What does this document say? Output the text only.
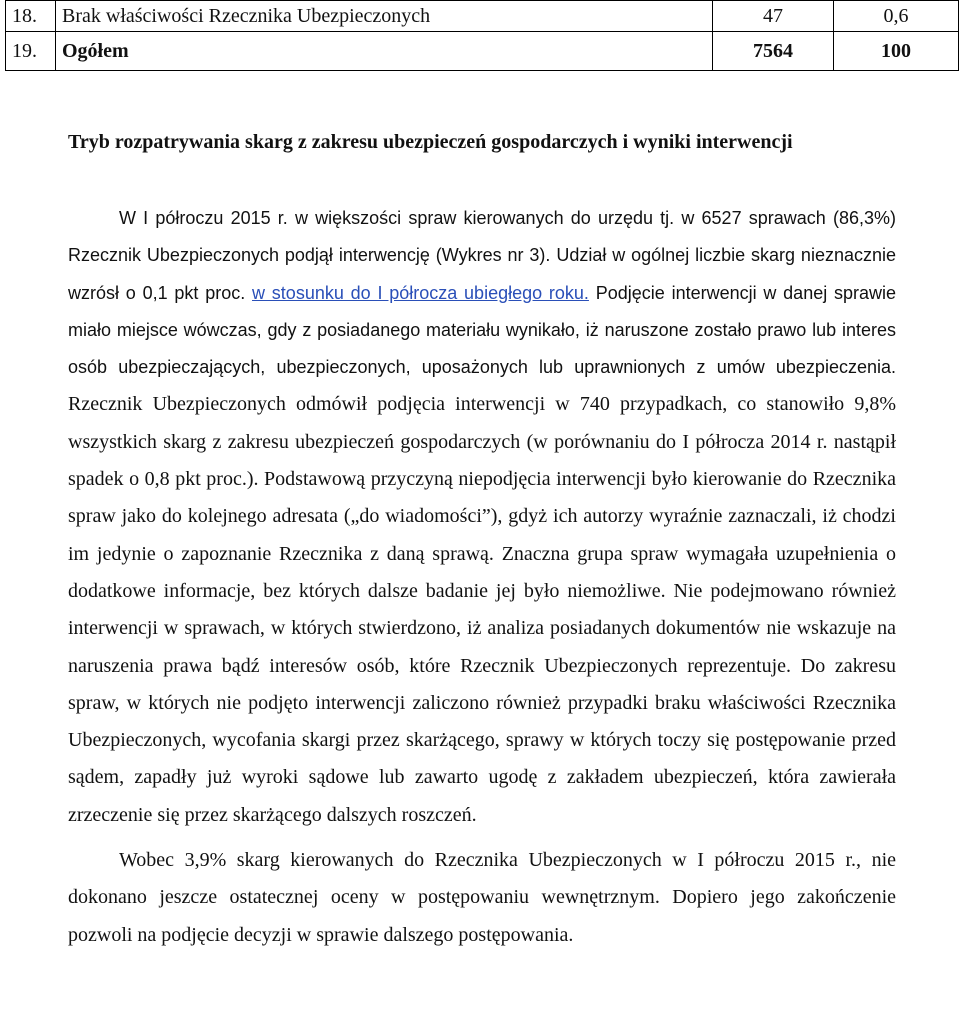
18.	Brak właściwości Rzecznika Ubezpieczonych	47	0,6
19.	Ogółem	7564	100
Tryb rozpatrywania skarg z zakresu ubezpieczeń gospodarczych i wyniki interwencji

W I półroczu 2015 r. w większości spraw kierowanych do urzędu tj. w 6527 sprawach (86,3%) Rzecznik Ubezpieczonych podjął interwencję (Wykres nr 3). Udział w ogólnej liczbie skarg nieznacznie wzrósł o 0,1 pkt proc. w stosunku do I półrocza ubiegłego roku. Podjęcie interwencji w danej sprawie miało miejsce wówczas, gdy z posiadanego materiału wynikało, iż naruszone zostało prawo lub interes osób ubezpieczających, ubezpieczonych, uposażonych lub uprawnionych z umów ubezpieczenia. Rzecznik Ubezpieczonych odmówił podjęcia interwencji w 740 przypadkach, co stanowiło 9,8% wszystkich skarg z zakresu ubezpieczeń gospodarczych (w porównaniu do I półrocza 2014 r. nastąpił spadek o 0,8 pkt proc.). Podstawową przyczyną niepodjęcia interwencji było kierowanie do Rzecznika spraw jako do kolejnego adresata („do wiadomości”), gdyż ich autorzy wyraźnie zaznaczali, iż chodzi im jedynie o zapoznanie Rzecznika z daną sprawą. Znaczna grupa spraw wymagała uzupełnienia o dodatkowe informacje, bez których dalsze badanie jej było niemożliwe. Nie podejmowano również interwencji w sprawach, w których stwierdzono, iż analiza posiadanych dokumentów nie wskazuje na naruszenia prawa bądź interesów osób, które Rzecznik Ubezpieczonych reprezentuje. Do zakresu spraw, w których nie podjęto interwencji zaliczono również przypadki braku właściwości Rzecznika Ubezpieczonych, wycofania skargi przez skarżącego, sprawy w których toczy się postępowanie przed sądem, zapadły już wyroki sądowe lub zawarto ugodę z zakładem ubezpieczeń, która zawierała zrzeczenie się przez skarżącego dalszych roszczeń.

Wobec 3,9% skarg kierowanych do Rzecznika Ubezpieczonych w I półroczu 2015 r., nie dokonano jeszcze ostatecznej oceny w postępowaniu wewnętrznym. Dopiero jego zakończenie pozwoli na podjęcie decyzji w sprawie dalszego postępowania.
